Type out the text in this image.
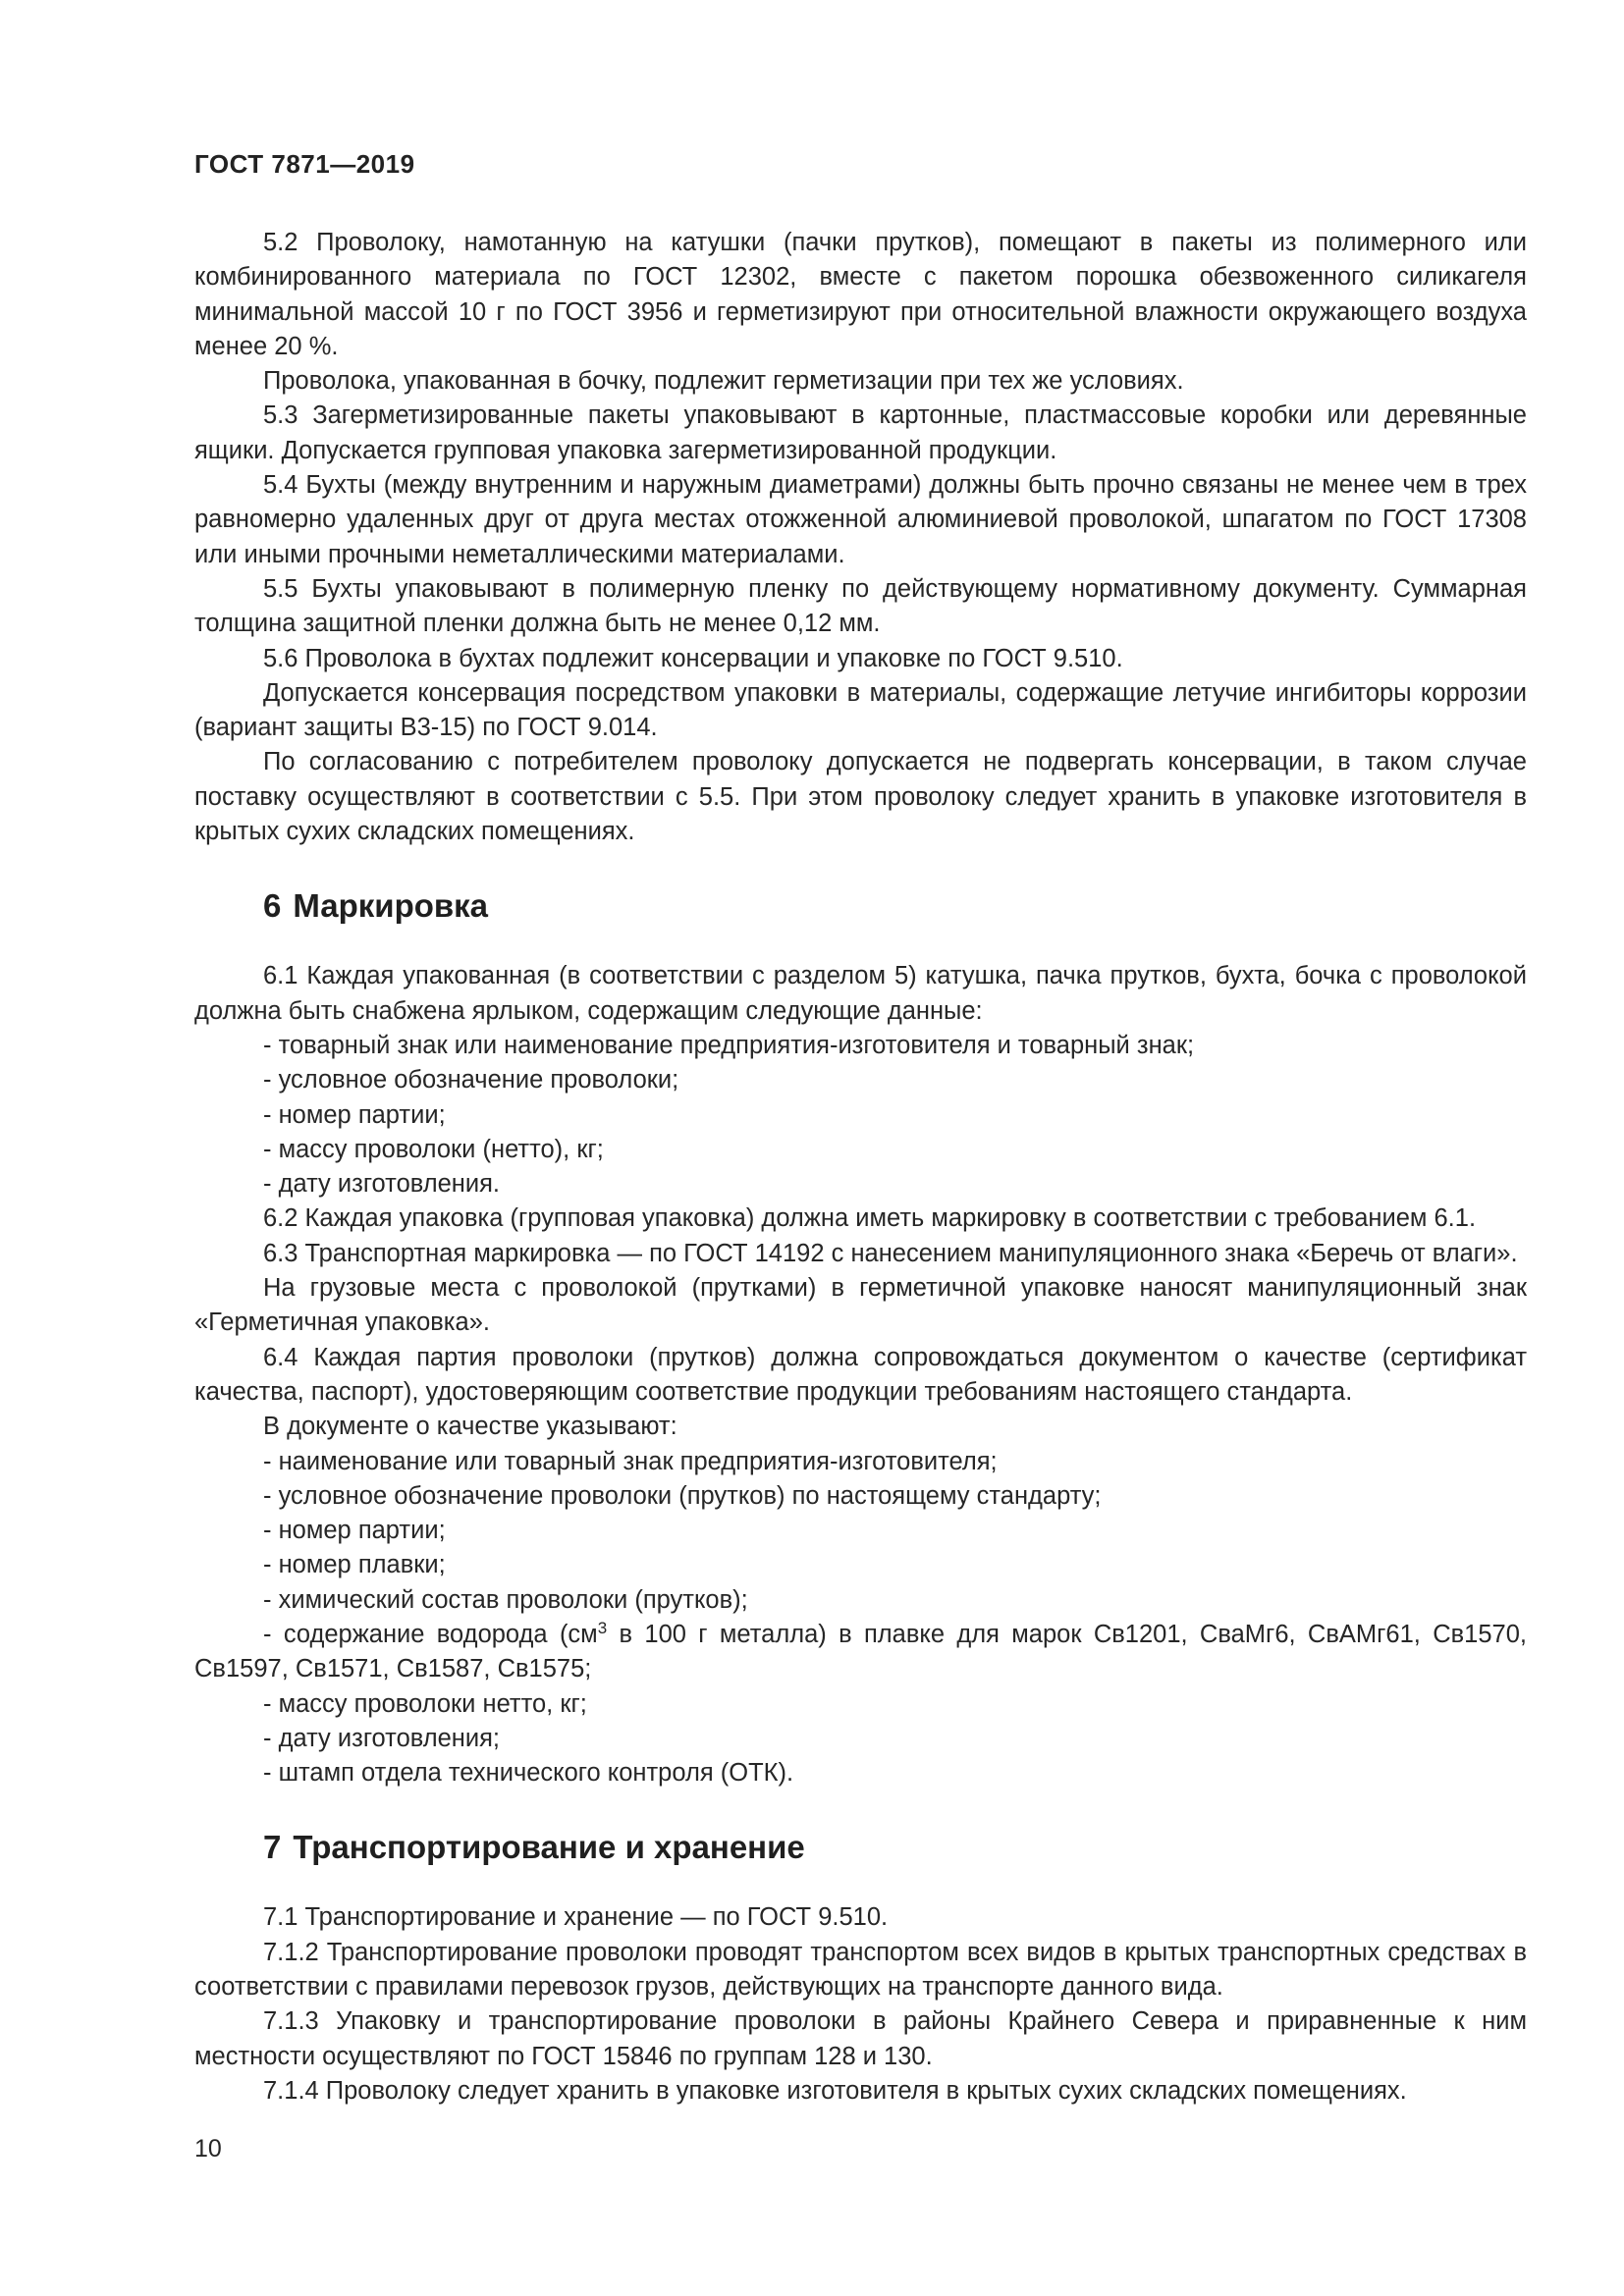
ГОСТ 7871—2019

5.2 Проволоку, намотанную на катушки (пачки прутков), помещают в пакеты из полимерного или комбинированного материала по ГОСТ 12302, вместе с пакетом порошка обезвоженного силикагеля минимальной массой 10 г по ГОСТ 3956 и герметизируют при относительной влажности окружающего воздуха менее 20 %.

Проволока, упакованная в бочку, подлежит герметизации при тех же условиях.

5.3 Загерметизированные пакеты упаковывают в картонные, пластмассовые коробки или деревянные ящики. Допускается групповая упаковка загерметизированной продукции.

5.4 Бухты (между внутренним и наружным диаметрами) должны быть прочно связаны не менее чем в трех равномерно удаленных друг от друга местах отожженной алюминиевой проволокой, шпагатом по ГОСТ 17308 или иными прочными неметаллическими материалами.

5.5 Бухты упаковывают в полимерную пленку по действующему нормативному документу. Суммарная толщина защитной пленки должна быть не менее 0,12 мм.

5.6 Проволока в бухтах подлежит консервации и упаковке по ГОСТ 9.510.

Допускается консервация посредством упаковки в материалы, содержащие летучие ингибиторы коррозии (вариант защиты В3-15) по ГОСТ 9.014.

По согласованию с потребителем проволоку допускается не подвергать консервации, в таком случае поставку осуществляют в соответствии с 5.5. При этом проволоку следует хранить в упаковке изготовителя в крытых сухих складских помещениях.

6 Маркировка

6.1 Каждая упакованная (в соответствии с разделом 5) катушка, пачка прутков, бухта, бочка с проволокой должна быть снабжена ярлыком, содержащим следующие данные:

- товарный знак или наименование предприятия-изготовителя и товарный знак;

- условное обозначение проволоки;

- номер партии;

- массу проволоки (нетто), кг;

- дату изготовления.

6.2 Каждая упаковка (групповая упаковка) должна иметь маркировку в соответствии с требованием 6.1.

6.3 Транспортная маркировка — по ГОСТ 14192 с нанесением манипуляционного знака «Беречь от влаги».

На грузовые места с проволокой (прутками) в герметичной упаковке наносят манипуляционный знак «Герметичная упаковка».

6.4 Каждая партия проволоки (прутков) должна сопровождаться документом о качестве (сертификат качества, паспорт), удостоверяющим соответствие продукции требованиям настоящего стандарта.

В документе о качестве указывают:

- наименование или товарный знак предприятия-изготовителя;

- условное обозначение проволоки (прутков) по настоящему стандарту;

- номер партии;

- номер плавки;

- химический состав проволоки (прутков);

- содержание водорода ($см^3$ в 100 г металла) в плавке для марок Св1201, СваМг6, СвАМг61, Св1570, Св1597, Св1571, Св1587, Св1575;

- массу проволоки нетто, кг;

- дату изготовления;

- штамп отдела технического контроля (ОТК).

7 Транспортирование и хранение

7.1 Транспортирование и хранение — по ГОСТ 9.510.

7.1.2 Транспортирование проволоки проводят транспортом всех видов в крытых транспортных средствах в соответствии с правилами перевозок грузов, действующих на транспорте данного вида.

7.1.3 Упаковку и транспортирование проволоки в районы Крайнего Севера и приравненные к ним местности осуществляют по ГОСТ 15846 по группам 128 и 130.

7.1.4 Проволоку следует хранить в упаковке изготовителя в крытых сухих складских помещениях.

10
